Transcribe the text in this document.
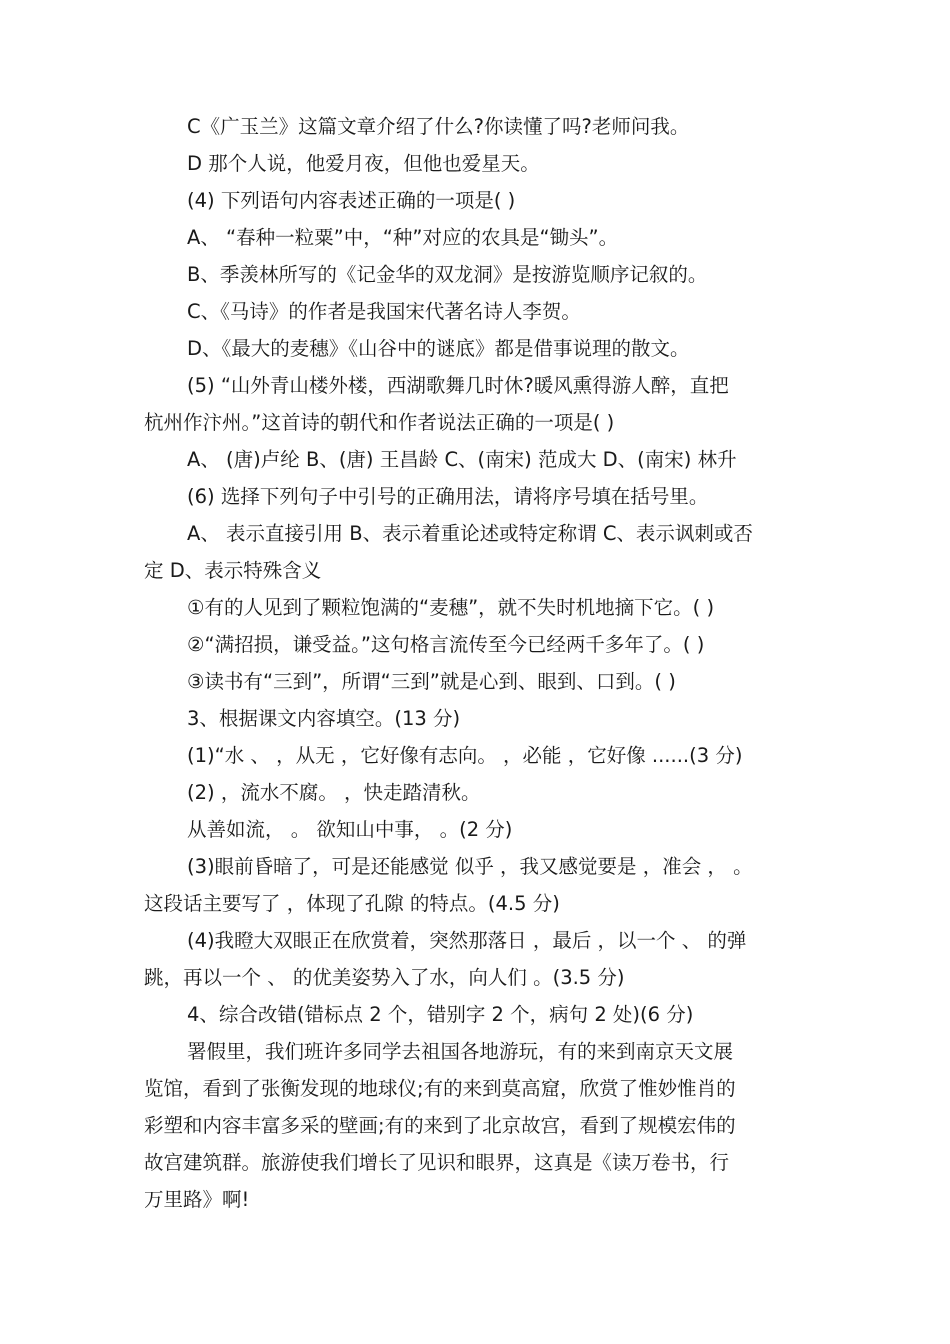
C《广玉兰》这篇文章介绍了什么?你读懂了吗?老师问我。
D 那个人说，他爱月夜，但他也爱星天。
(4) 下列语句内容表述正确的一项是( )
A、 “春种一粒粟”中，“种”对应的农具是“锄头”。
B、季羡林所写的《记金华的双龙洞》是按游览顺序记叙的。
C、《马诗》的作者是我国宋代著名诗人李贺。
D、《最大的麦穗》《山谷中的谜底》都是借事说理的散文。
(5) “山外青山楼外楼，西湖歌舞几时休?暖风熏得游人醉，直把
杭州作汴州。”这首诗的朝代和作者说法正确的一项是( )
A、 (唐)卢纶 B、(唐) 王昌龄 C、(南宋) 范成大 D、(南宋) 林升
(6) 选择下列句子中引号的正确用法，请将序号填在括号里。
A、 表示直接引用 B、表示着重论述或特定称谓 C、表示讽刺或否
定 D、表示特殊含义
①有的人见到了颗粒饱满的“麦穗”，就不失时机地摘下它。( )
②“满招损，谦受益。”这句格言流传至今已经两千多年了。( )
③读书有“三到”，所谓“三到”就是心到、眼到、口到。( )
3、根据课文内容填空。(13 分)
(1)“水 、 ，从无 ，它好像有志向。 ，必能 ，它好像 ......(3 分)
(2) ，流水不腐。 ，快走踏清秋。
从善如流， 。 欲知山中事， 。(2 分)
(3)眼前昏暗了，可是还能感觉 似乎 ，我又感觉要是 ，准会 ， 。
这段话主要写了 ，体现了孔隙 的特点。(4.5 分)
(4)我瞪大双眼正在欣赏着，突然那落日 ，最后 ，以一个 、 的弹
跳，再以一个 、 的优美姿势入了水，向人们 。(3.5 分)
4、综合改错(错标点 2 个，错别字 2 个，病句 2 处)(6 分)
署假里，我们班许多同学去祖国各地游玩，有的来到南京天文展
览馆，看到了张衡发现的地球仪;有的来到莫高窟，欣赏了惟妙惟肖的
彩塑和内容丰富多采的壁画;有的来到了北京故宫，看到了规模宏伟的
故宫建筑群。旅游使我们增长了见识和眼界，这真是《读万卷书，行
万里路》啊!
